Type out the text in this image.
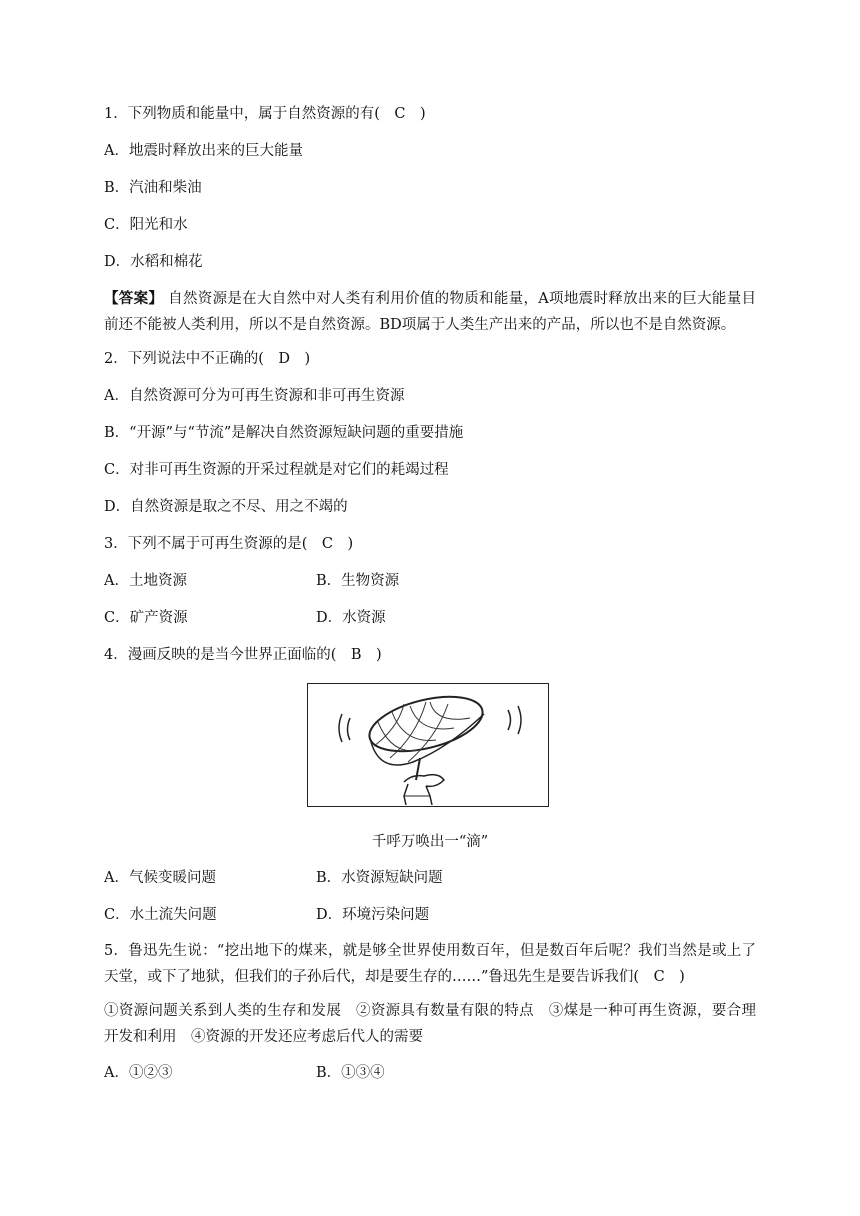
1．下列物质和能量中，属于自然资源的有(　C　)
A．地震时释放出来的巨大能量
B．汽油和柴油
C．阳光和水
D．水稻和棉花
【答案】 自然资源是在大自然中对人类有利用价值的物质和能量，A项地震时释放出来的巨大能量目前还不能被人类利用，所以不是自然资源。BD项属于人类生产出来的产品，所以也不是自然资源。
2．下列说法中不正确的(　D　)
A．自然资源可分为可再生资源和非可再生资源
B．“开源”与“节流”是解决自然资源短缺问题的重要措施
C．对非可再生资源的开采过程就是对它们的耗竭过程
D．自然资源是取之不尽、用之不竭的
3．下列不属于可再生资源的是(　C　)
A．土地资源	B．生物资源
C．矿产资源	D．水资源
4．漫画反映的是当今世界正面临的(　B　)
千呼万唤出一“滴”
A．气候变暖问题	B．水资源短缺问题
C．水土流失问题	D．环境污染问题
5．鲁迅先生说：“挖出地下的煤来，就是够全世界使用数百年，但是数百年后呢？我们当然是或上了天堂，或下了地狱，但我们的子孙后代，却是要生存的……”鲁迅先生是要告诉我们(　C　)
①资源问题关系到人类的生存和发展　②资源具有数量有限的特点　③煤是一种可再生资源，要合理开发和利用　④资源的开发还应考虑后代人的需要
A．①②③	B．①③④
